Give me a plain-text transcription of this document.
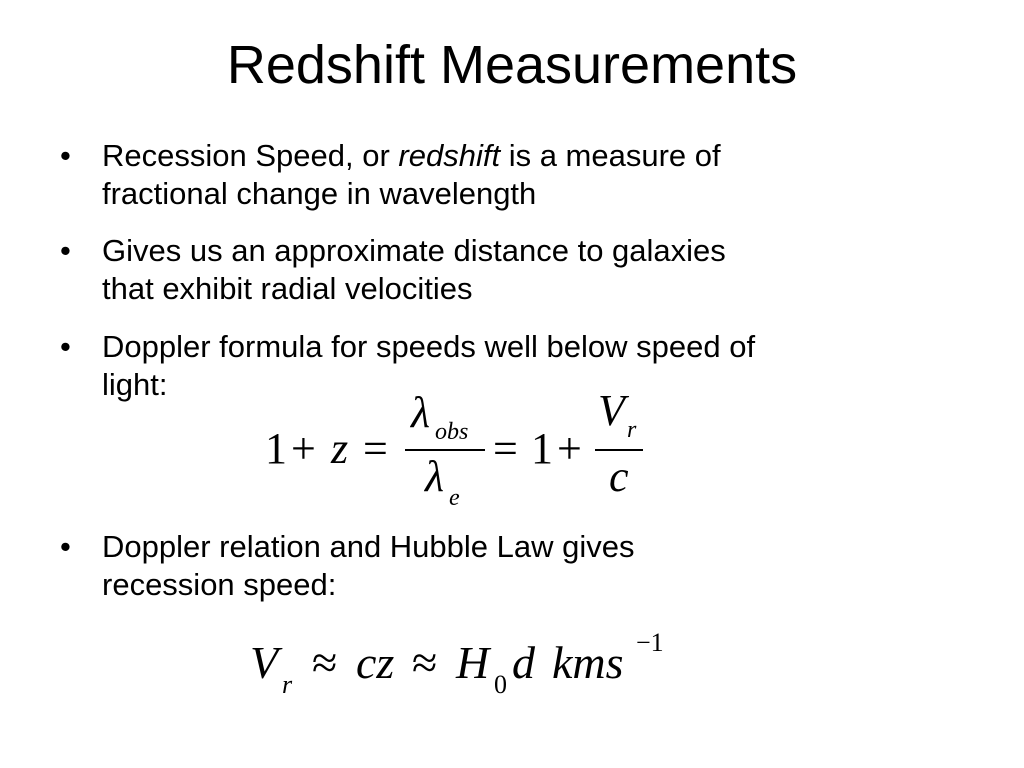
Redshift Measurements
•	Recession Speed, or redshift is a measure of
fractional change in wavelength
•	Gives us an approximate distance to galaxies
that exhibit radial velocities
•	Doppler formula for speeds well below speed of
light:
•	Doppler relation and Hubble Law gives
recession speed:
1 + z =
λ obs
λ e
= 1 +
V r
c
V r ≈ cz ≈ H 0 d kms −1
